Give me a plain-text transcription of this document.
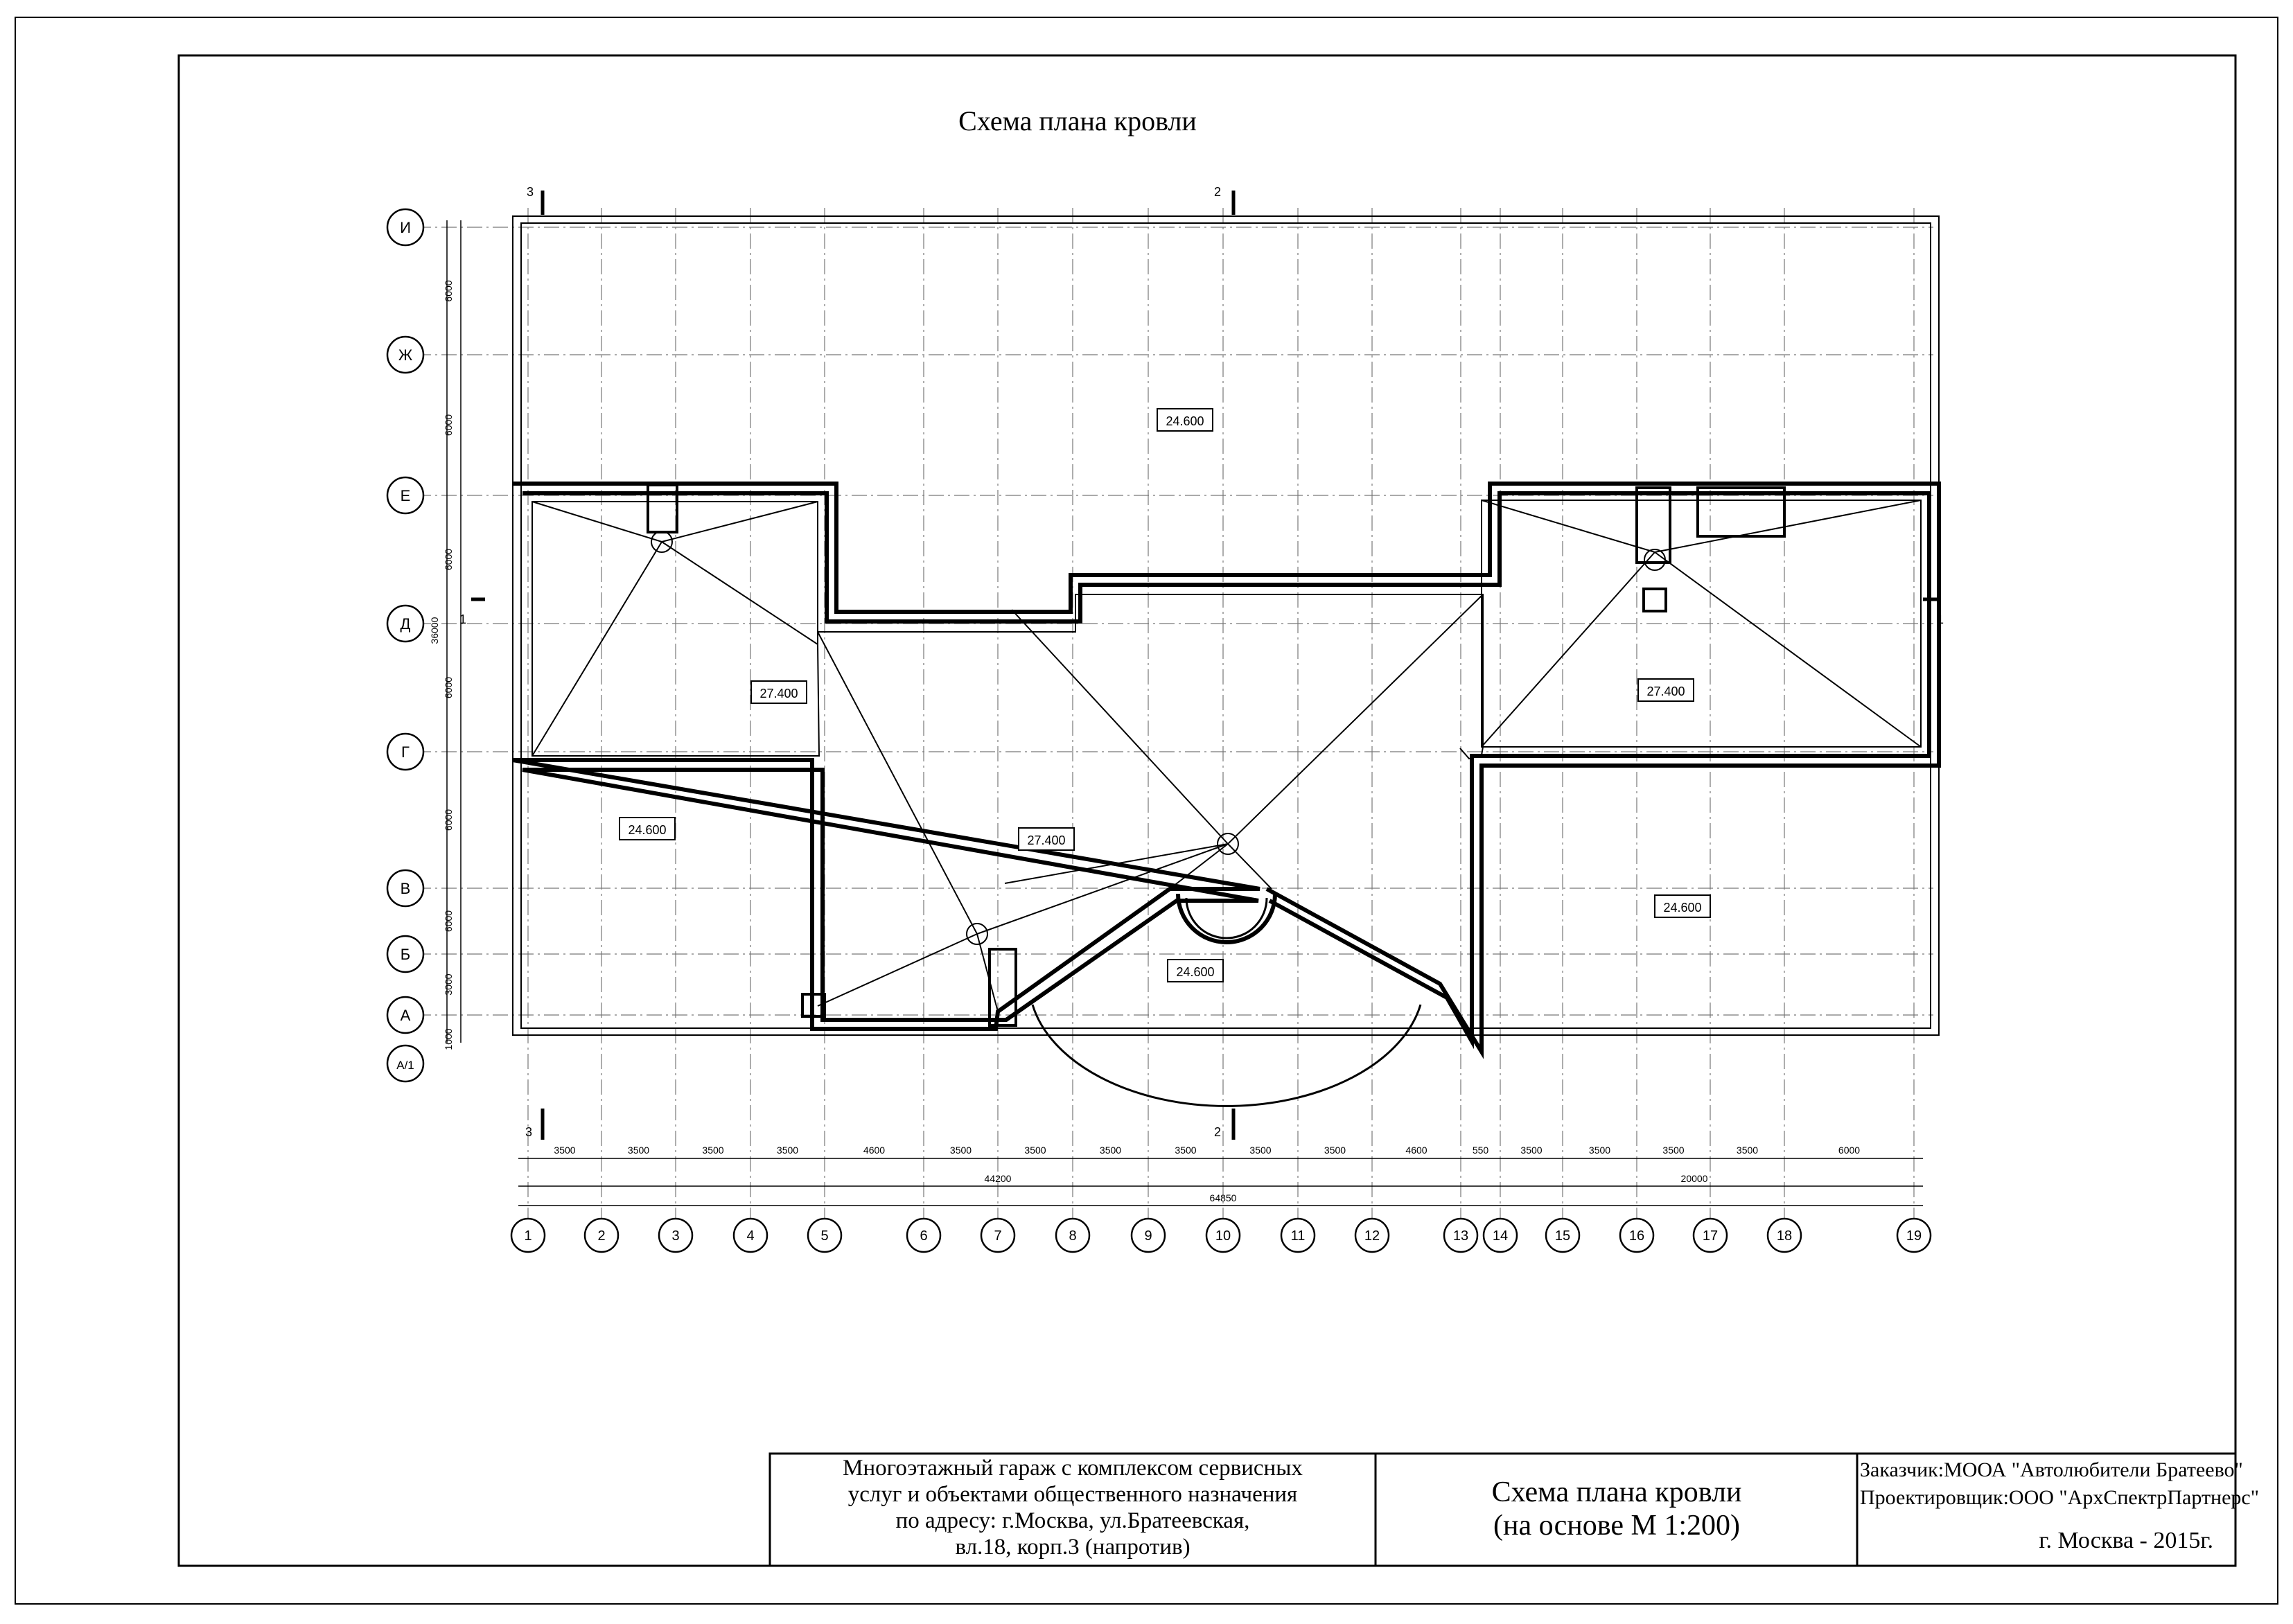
Схема плана кровли
3	2
3	2
1	1
И
Ж
Е
Д
Г
В
Б
А
А/1
6000
6000
6000
6000
6000
6000
3000
1000
36000
1	2	3	4	5	6	7	8	9	10	11	12	13 14	15	16	17	18	19
3500	3500	3500	3500	4600	3500	3500	3500	3500	3500	3500	4600	550	3500	3500	3500	3500	6000
44200	20000
64850
24.600
27.400	27.400
24.600
27.400
24.600
24.600
Многоэтажный гараж с комплексом сервисных
услуг и объектами общественного назначения
по адресу: г.Москва, ул.Братеевская,
вл.18, корп.3 (напротив)
Схема плана кровли
(на основе М 1:200)
Заказчик:МООА "Автолюбители Братеево"
Проектировщик:ООО "АрхСпектрПартнерс"
г. Москва - 2015г.
